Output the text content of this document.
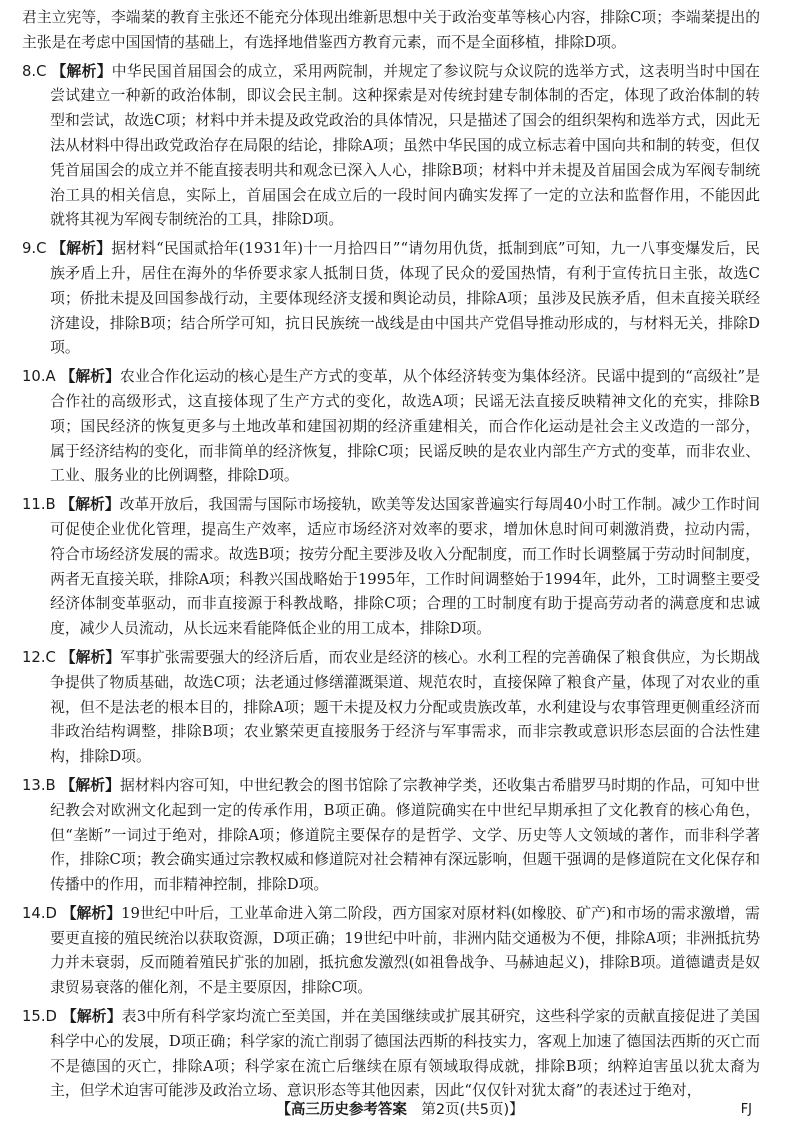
君主立宪等，李端棻的教育主张还不能充分体现出维新思想中关于政治变革等核心内容，排除C项；李端棻提出的主张是在考虑中国国情的基础上，有选择地借鉴西方教育元素，而不是全面移植，排除D项。

8.C 【解析】中华民国首届国会的成立，采用两院制，并规定了参议院与众议院的选举方式，这表明当时中国在尝试建立一种新的政治体制，即议会民主制。这种探索是对传统封建专制体制的否定，体现了政治体制的转型和尝试，故选C项；材料中并未提及政党政治的具体情况，只是描述了国会的组织架构和选举方式，因此无法从材料中得出政党政治存在局限的结论，排除A项；虽然中华民国的成立标志着中国向共和制的转变，但仅凭首届国会的成立并不能直接表明共和观念已深入人心，排除B项；材料中并未提及首届国会成为军阀专制统治工具的相关信息，实际上，首届国会在成立后的一段时间内确实发挥了一定的立法和监督作用，不能因此就将其视为军阀专制统治的工具，排除D项。

9.C 【解析】据材料“民国贰拾年(1931年)十一月拾四日”“请勿用仇货，抵制到底”可知，九一八事变爆发后，民族矛盾上升，居住在海外的华侨要求家人抵制日货，体现了民众的爱国热情，有利于宣传抗日主张，故选C项；侨批未提及回国参战行动，主要体现经济支援和舆论动员，排除A项；虽涉及民族矛盾，但未直接关联经济建设，排除B项；结合所学可知，抗日民族统一战线是由中国共产党倡导推动形成的，与材料无关，排除D项。

10.A 【解析】农业合作化运动的核心是生产方式的变革，从个体经济转变为集体经济。民谣中提到的“高级社”是合作社的高级形式，这直接体现了生产方式的变化，故选A项；民谣无法直接反映精神文化的充实，排除B项；国民经济的恢复更多与土地改革和建国初期的经济重建相关，而合作化运动是社会主义改造的一部分，属于经济结构的变化，而非简单的经济恢复，排除C项；民谣反映的是农业内部生产方式的变革，而非农业、工业、服务业的比例调整，排除D项。

11.B 【解析】改革开放后，我国需与国际市场接轨，欧美等发达国家普遍实行每周40小时工作制。减少工作时间可促使企业优化管理，提高生产效率，适应市场经济对效率的要求，增加休息时间可刺激消费，拉动内需，符合市场经济发展的需求。故选B项；按劳分配主要涉及收入分配制度，而工作时长调整属于劳动时间制度，两者无直接关联，排除A项；科教兴国战略始于1995年，工作时间调整始于1994年，此外，工时调整主要受经济体制变革驱动，而非直接源于科教战略，排除C项；合理的工时制度有助于提高劳动者的满意度和忠诚度，减少人员流动，从长远来看能降低企业的用工成本，排除D项。

12.C 【解析】军事扩张需要强大的经济后盾，而农业是经济的核心。水利工程的完善确保了粮食供应，为长期战争提供了物质基础，故选C项；法老通过修缮灌溉渠道、规范农时，直接保障了粮食产量，体现了对农业的重视，但不是法老的根本目的，排除A项；题干未提及权力分配或贵族改革，水利建设与农事管理更侧重经济而非政治结构调整，排除B项；农业繁荣更直接服务于经济与军事需求，而非宗教或意识形态层面的合法性建构，排除D项。

13.B 【解析】据材料内容可知，中世纪教会的图书馆除了宗教神学类，还收集古希腊罗马时期的作品，可知中世纪教会对欧洲文化起到一定的传承作用，B项正确。修道院确实在中世纪早期承担了文化教育的核心角色，但“垄断”一词过于绝对，排除A项；修道院主要保存的是哲学、文学、历史等人文领域的著作，而非科学著作，排除C项；教会确实通过宗教权威和修道院对社会精神有深远影响，但题干强调的是修道院在文化保存和传播中的作用，而非精神控制，排除D项。

14.D 【解析】19世纪中叶后，工业革命进入第二阶段，西方国家对原材料(如橡胶、矿产)和市场的需求激增，需要更直接的殖民统治以获取资源，D项正确；19世纪中叶前，非洲内陆交通极为不便，排除A项；非洲抵抗势力并未衰弱，反而随着殖民扩张的加剧，抵抗愈发激烈(如祖鲁战争、马赫迪起义)，排除B项。道德谴责是奴隶贸易衰落的催化剂，不是主要原因，排除C项。

15.D 【解析】表3中所有科学家均流亡至美国，并在美国继续或扩展其研究，这些科学家的贡献直接促进了美国科学中心的发展，D项正确；科学家的流亡削弱了德国法西斯的科技实力，客观上加速了德国法西斯的灭亡而不是德国的灭亡，排除A项；科学家在流亡后继续在原有领域取得成就，排除B项；纳粹迫害虽以犹太裔为主，但学术迫害可能涉及政治立场、意识形态等其他因素，因此“仅仅针对犹太裔”的表述过于绝对，

【高三历史参考答案  第2页(共5页)】	FJ
